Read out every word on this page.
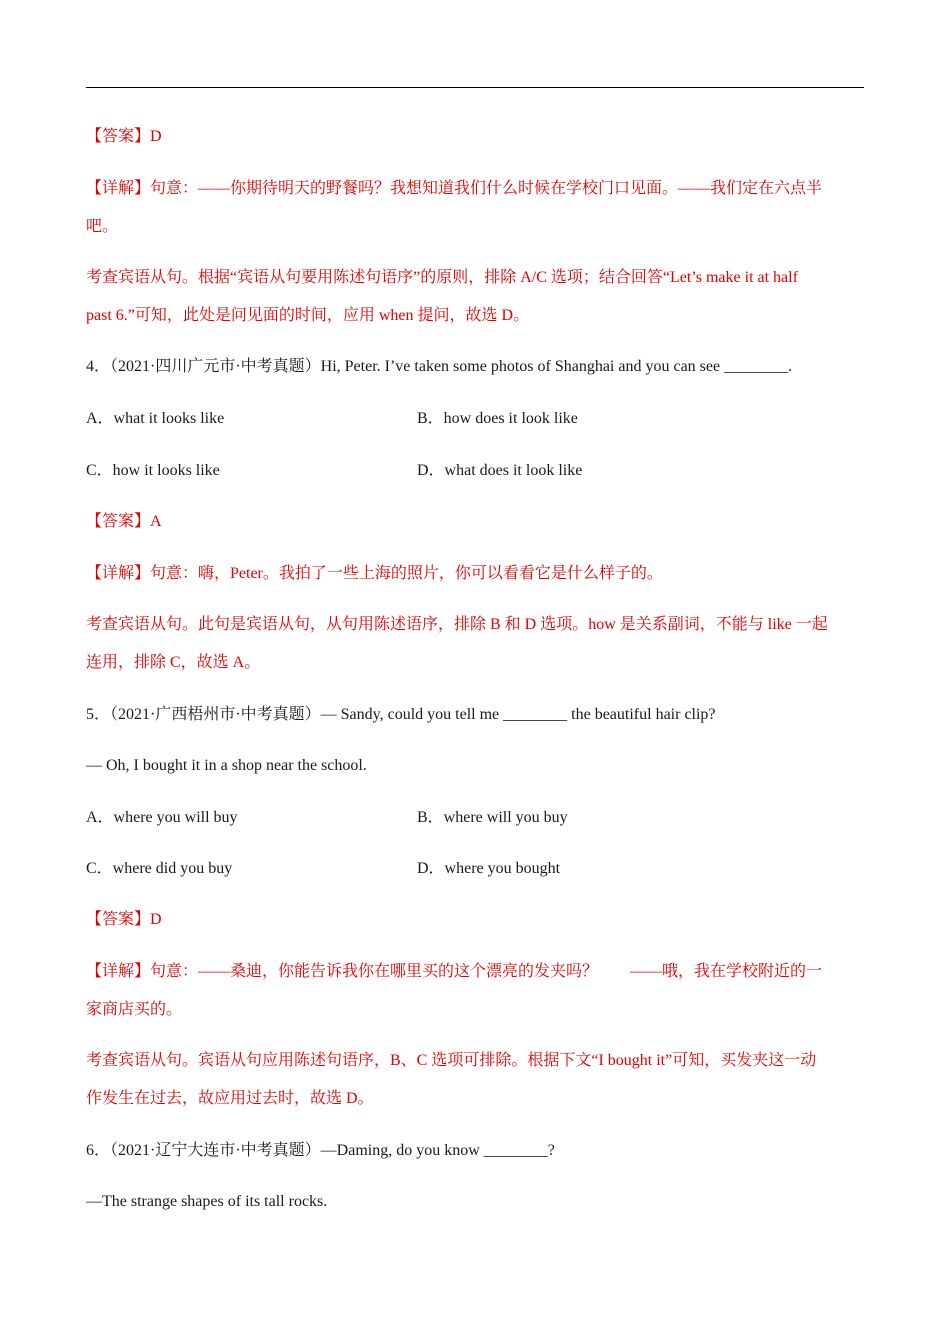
【答案】D
【详解】句意：——你期待明天的野餐吗？我想知道我们什么时候在学校门口见面。——我们定在六点半
吧。
考查宾语从句。根据“宾语从句要用陈述句语序”的原则，排除 A/C 选项；结合回答“Let’s make it at half
past 6.”可知，此处是问见面的时间，应用 when 提问，故选 D。
4．（2021·四川广元市·中考真题）Hi, Peter. I’ve taken some photos of Shanghai and you can see ________.
A．what it looks like	B．how does it look like
C．how it looks like	D．what does it look like
【答案】A
【详解】句意：嗨，Peter。我拍了一些上海的照片，你可以看看它是什么样子的。
考查宾语从句。此句是宾语从句，从句用陈述语序，排除 B 和 D 选项。how 是关系副词，不能与 like 一起
连用，排除 C，故选 A。
5．（2021·广西梧州市·中考真题）— Sandy, could you tell me ________ the beautiful hair clip?
— Oh, I bought it in a shop near the school.
A．where you will buy	B．where will you buy
C．where did you buy	D．where you bought
【答案】D
【详解】句意：——桑迪，你能告诉我你在哪里买的这个漂亮的发夹吗？　　——哦，我在学校附近的一
家商店买的。
考查宾语从句。宾语从句应用陈述句语序，B、C 选项可排除。根据下文“I bought it”可知，买发夹这一动
作发生在过去，故应用过去时，故选 D。
6．（2021·辽宁大连市·中考真题）—Daming, do you know ________?
—The strange shapes of its tall rocks.
